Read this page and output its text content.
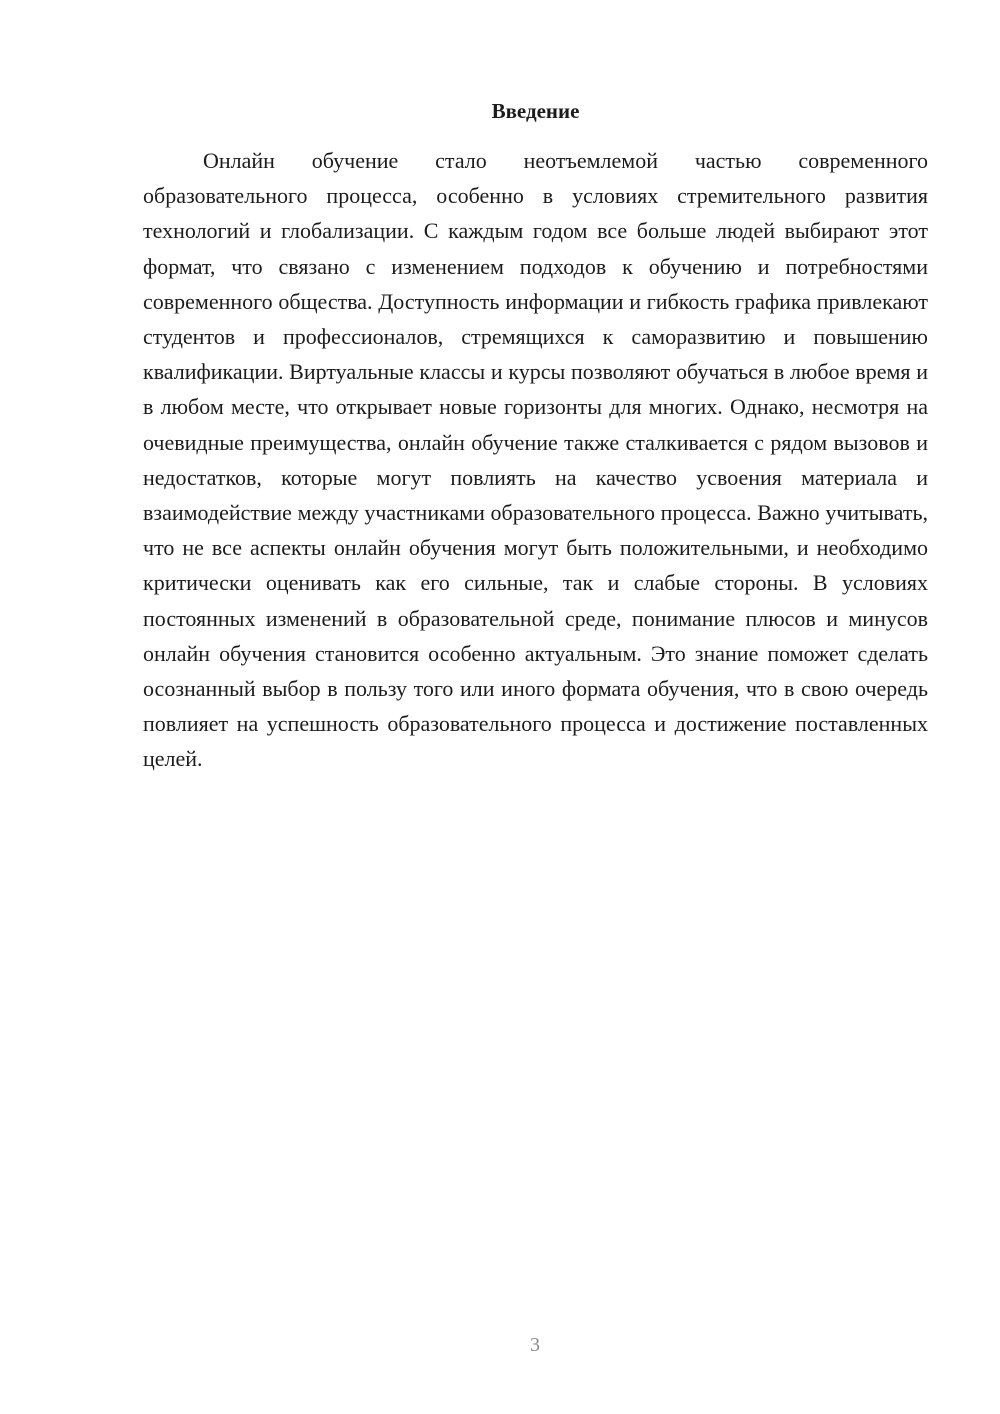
Введение

Онлайн обучение стало неотъемлемой частью современного образовательного процесса, особенно в условиях стремительного развития технологий и глобализации. С каждым годом все больше людей выбирают этот формат, что связано с изменением подходов к обучению и потребностями современного общества. Доступность информации и гибкость графика привлекают студентов и профессионалов, стремящихся к саморазвитию и повышению квалификации. Виртуальные классы и курсы позволяют обучаться в любое время и в любом месте, что открывает новые горизонты для многих. Однако, несмотря на очевидные преимущества, онлайн обучение также сталкивается с рядом вызовов и недостатков, которые могут повлиять на качество усвоения материала и взаимодействие между участниками образовательного процесса. Важно учитывать, что не все аспекты онлайн обучения могут быть положительными, и необходимо критически оценивать как его сильные, так и слабые стороны. В условиях постоянных изменений в образовательной среде, понимание плюсов и минусов онлайн обучения становится особенно актуальным. Это знание поможет сделать осознанный выбор в пользу того или иного формата обучения, что в свою очередь повлияет на успешность образовательного процесса и достижение поставленных целей.

3
